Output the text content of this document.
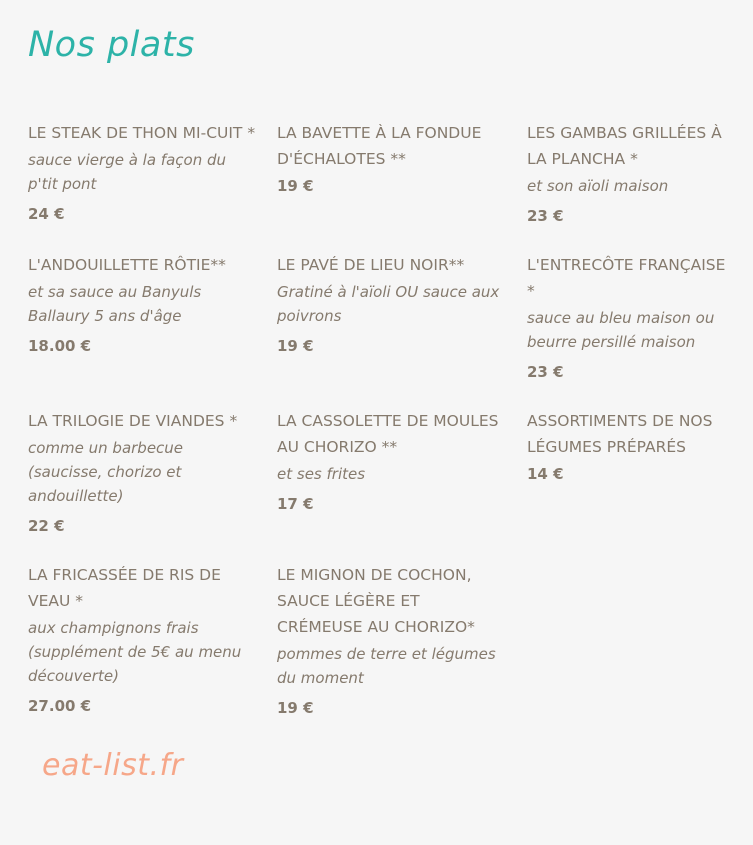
Nos plats

LE STEAK DE THON MI-CUIT *

sauce vierge à la façon du p'tit pont

24 €

LA BAVETTE À LA FONDUE D'ÉCHALOTES **

19 €

LES GAMBAS GRILLÉES À LA PLANCHA *

et son aïoli maison

23 €

L'ANDOUILLETTE RÔTIE**

et sa sauce au Banyuls Ballaury 5 ans d'âge

18.00 €

LE PAVÉ DE LIEU NOIR**

Gratiné à l'aïoli OU sauce aux poivrons

19 €

L'ENTRECÔTE FRANÇAISE *

sauce au bleu maison ou beurre persillé maison

23 €

LA TRILOGIE DE VIANDES *

comme un barbecue (saucisse, chorizo et andouillette)

22 €

LA CASSOLETTE DE MOULES AU CHORIZO **

et ses frites

17 €

ASSORTIMENTS DE NOS LÉGUMES PRÉPARÉS

14 €

LA FRICASSÉE DE RIS DE VEAU *

aux champignons frais (supplément de 5€ au menu découverte)

27.00 €

LE MIGNON DE COCHON, SAUCE LÉGÈRE ET CRÉMEUSE AU CHORIZO*

pommes de terre et légumes du moment

19 €

eat-list.fr
